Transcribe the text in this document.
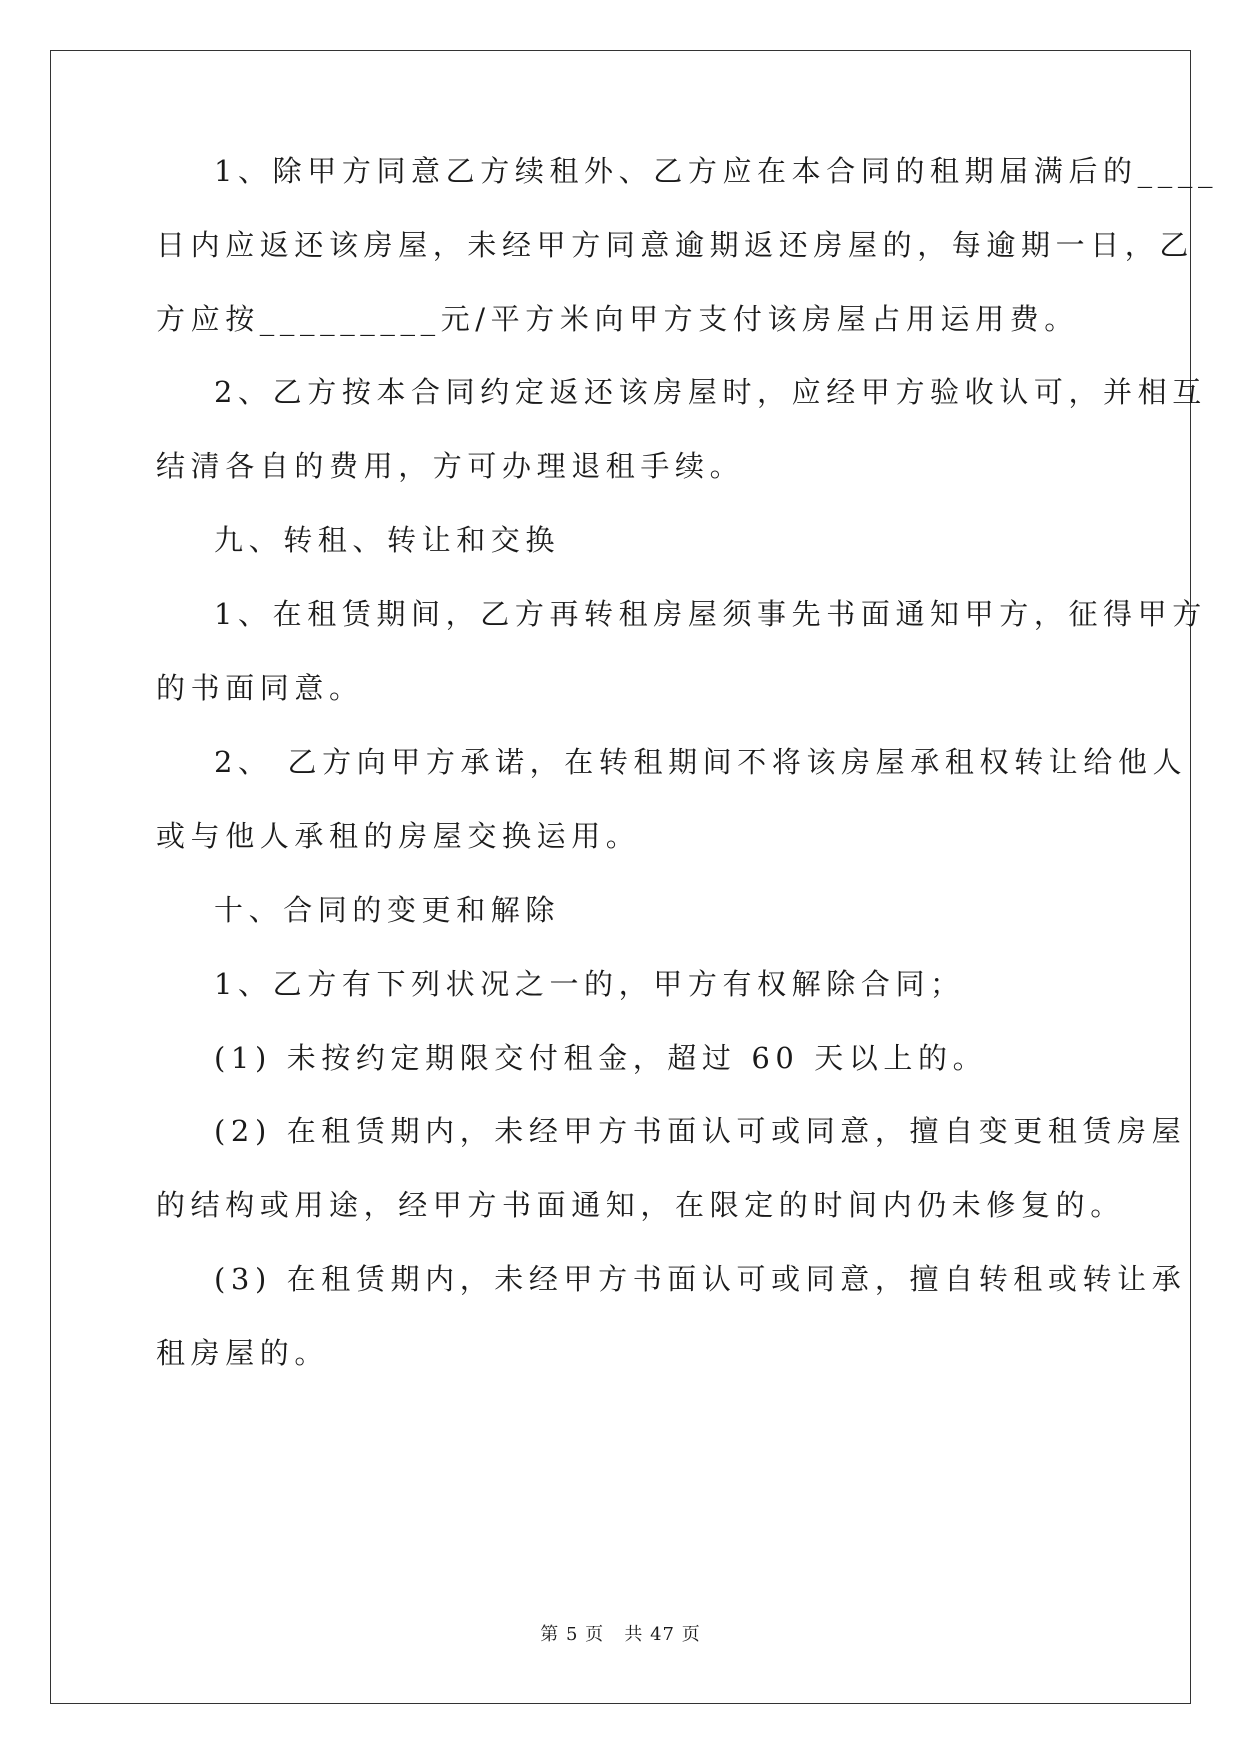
1、除甲方同意乙方续租外、乙方应在本合同的租期届满后的____
日内应返还该房屋，未经甲方同意逾期返还房屋的，每逾期一日，乙
方应按_________元/平方米向甲方支付该房屋占用运用费。
2、乙方按本合同约定返还该房屋时，应经甲方验收认可，并相互
结清各自的费用，方可办理退租手续。
九、转租、转让和交换
1、在租赁期间，乙方再转租房屋须事先书面通知甲方，征得甲方
的书面同意。
2、 乙方向甲方承诺，在转租期间不将该房屋承租权转让给他人
或与他人承租的房屋交换运用。
十、合同的变更和解除
1、乙方有下列状况之一的，甲方有权解除合同；
(1) 未按约定期限交付租金，超过 60 天以上的。
(2) 在租赁期内，未经甲方书面认可或同意，擅自变更租赁房屋
的结构或用途，经甲方书面通知，在限定的时间内仍未修复的。
(3) 在租赁期内，未经甲方书面认可或同意，擅自转租或转让承
租房屋的。
第 5 页   共 47 页
